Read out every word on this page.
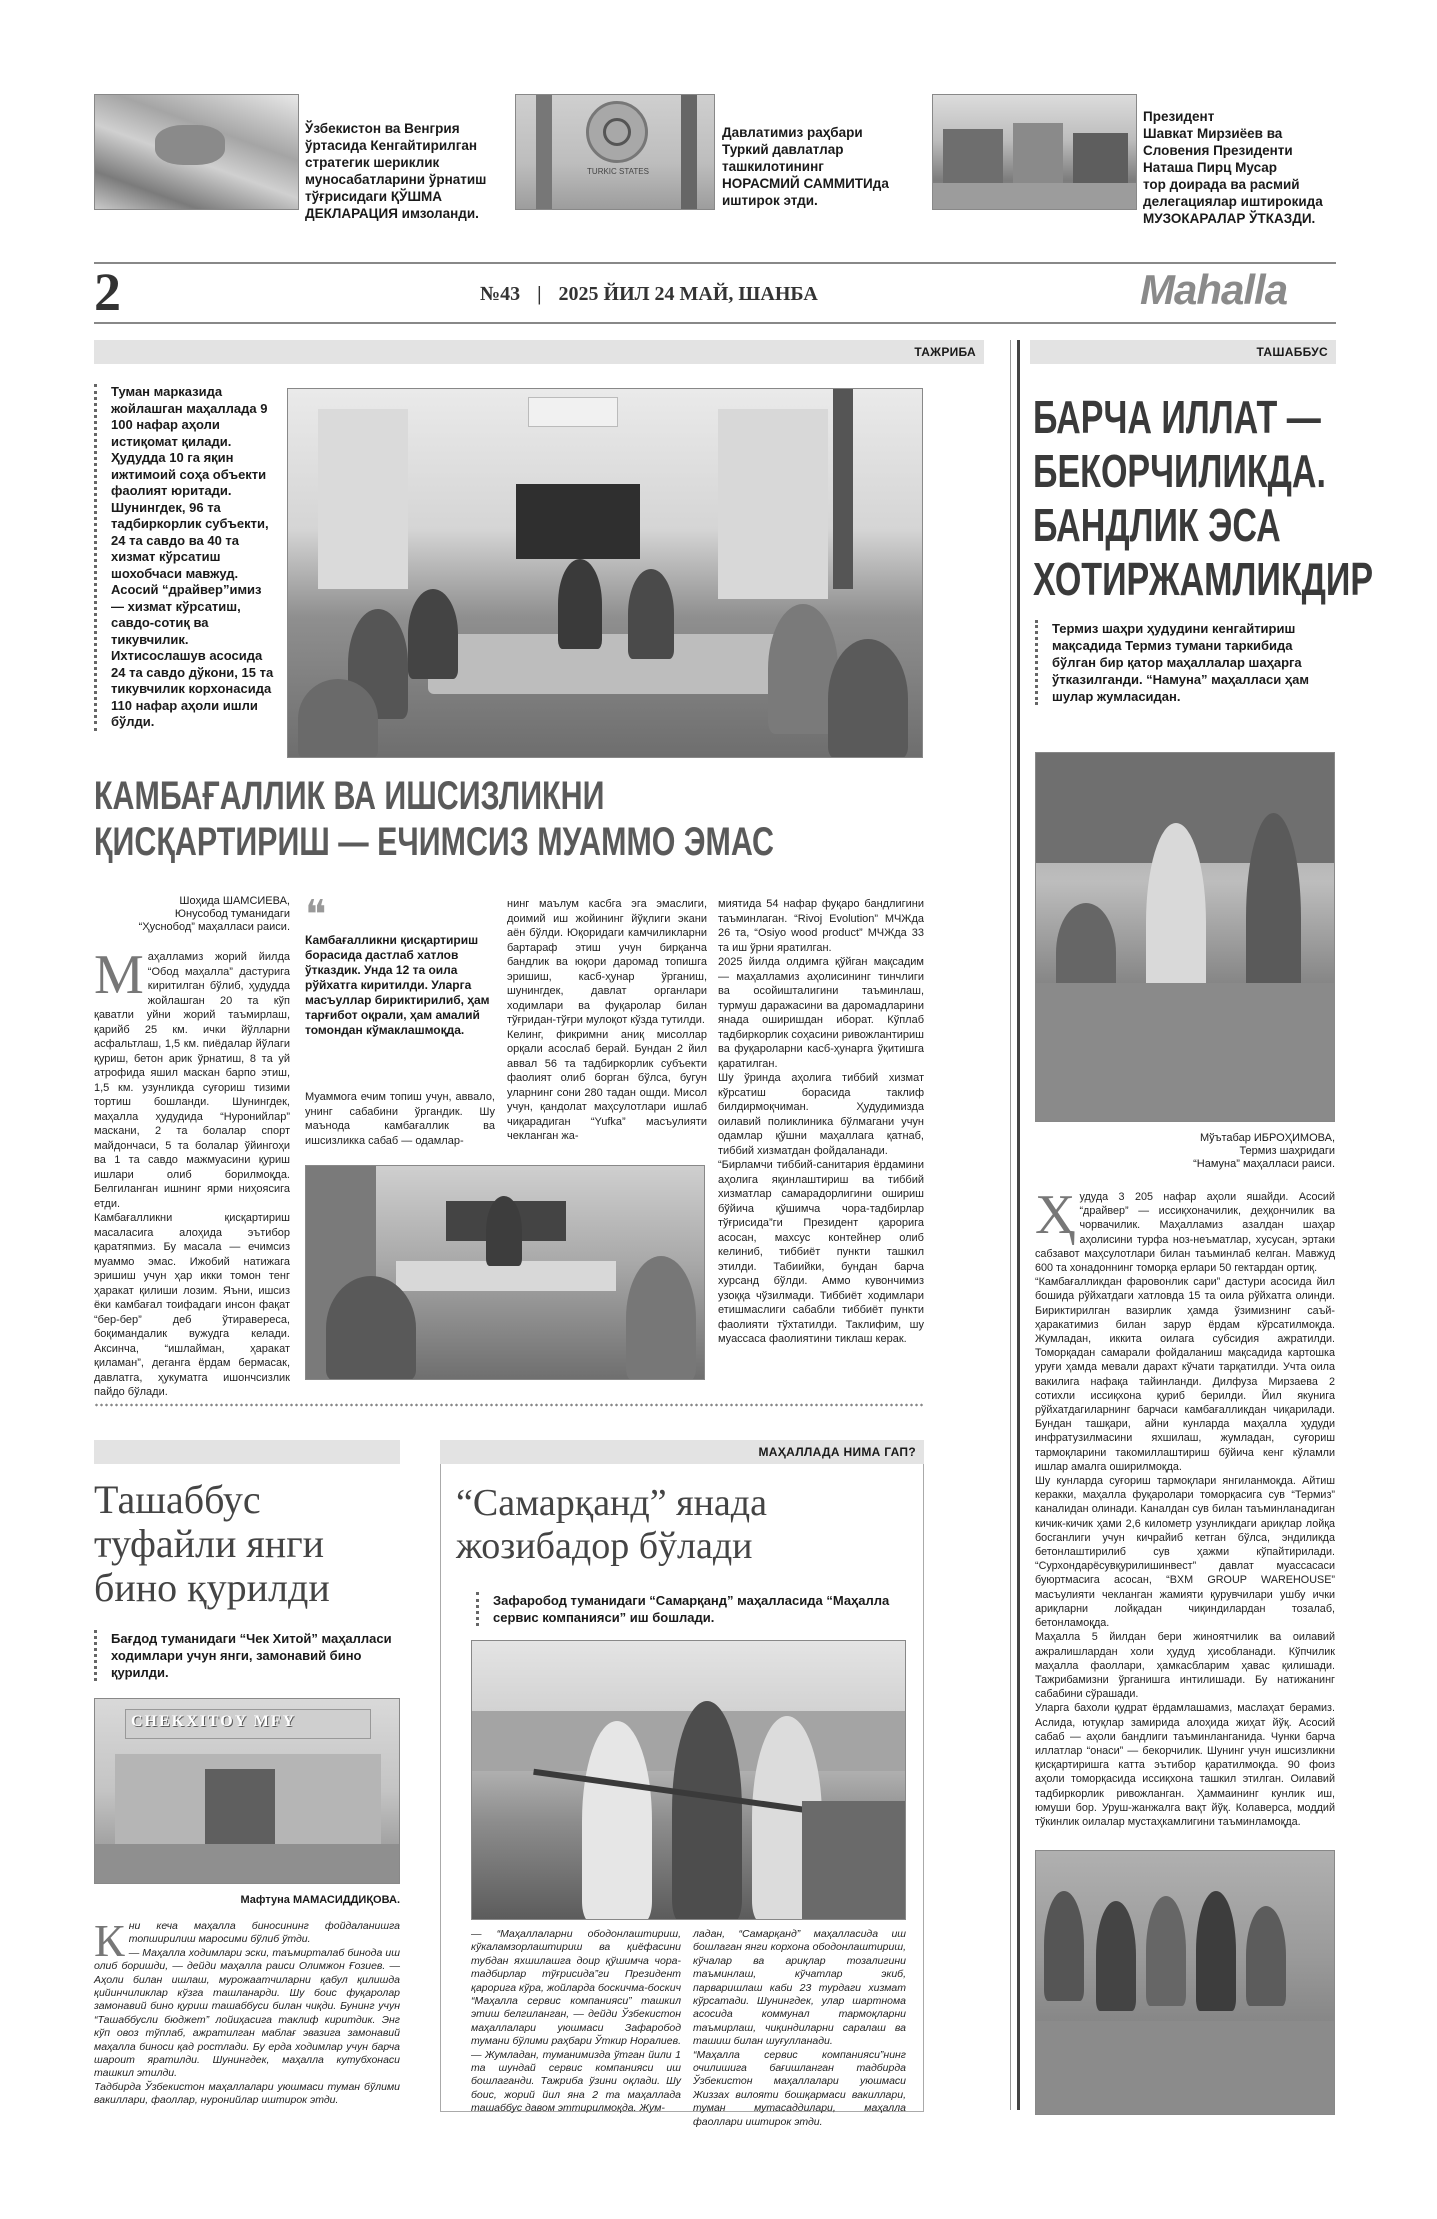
Ўзбекистон ва Венгрия
ўртасида Кенгайтирилган
стратегик шериклик
муносабатларини ўрнатиш
тўғрисидаги ҚЎШМА
ДЕКЛАРАЦИЯ имзоланди.
TURKIC STATES
Давлатимиз раҳбари
Туркий давлатлар
ташкилотининг
НОРАСМИЙ САММИТИда
иштирок этди.
Президент
Шавкат Мирзиёев ва
Словения Президенти
Наташа Пирц Мусар
тор доирада ва расмий
делегациялар иштирокида
МУЗОКАРАЛАР ЎТКАЗДИ.
2	№43 | 2025 ЙИЛ 24 МАЙ, ШАНБА	Mahalla
ТАЖРИБА
Туман марказида жойлашган маҳаллада 9 100 нафар аҳоли истиқомат қилади. Ҳудудда 10 га яқин ижтимоий соҳа объекти фаолият юритади. Шунингдек, 96 та тадбиркорлик субъекти, 24 та савдо ва 40 та хизмат кўрсатиш шохобчаси мавжуд. Асосий “драйвер”имиз — хизмат кўрсатиш, савдо-сотиқ ва тикувчилик. Ихтисослашув асосида 24 та савдо дўкони, 15 та тикувчилик корхонасида 110 нафар аҳоли ишли бўлди.
КАМБАҒАЛЛИК ВА ИШСИЗЛИКНИ
ҚИСҚАРТИРИШ — ЕЧИМСИЗ МУАММО ЭМАС
Шоҳида ШАМСИЕВА,
Юнусобод туманидаги
“Ҳуснобод” маҳалласи раиси.
М аҳалламиз жорий йилда “Обод маҳалла” дастурига киритилган бўлиб, ҳудудда жойлашган 20 та кўп қаватли уйни жорий таъмирлаш, қарийб 25 км. ички йўлларни асфальтлаш, 1,5 км. пиёдалар йўлаги қуриш, бетон арик ўрнатиш, 8 та уй атрофида яшил маскан барпо этиш, 1,5 км. узунликда суғориш тизими тортиш бошланди. Шунингдек, маҳалла ҳудудида “Нуронийлар” маскани, 2 та болалар спорт майдончаси, 5 та болалар ўйингоҳи ва 1 та савдо мажмуасини қуриш ишлари олиб борилмоқда. Белгиланган ишнинг ярми ниҳоясига етди.
Камбағалликни қисқартириш масаласига алоҳида эътибор қаратяпмиз. Бу масала — ечимсиз муаммо эмас. Ижобий натижага эришиш учун ҳар икки томон тенг ҳаракат қилиши лозим. Яъни, ишсиз ёки камбағал тоифадаги инсон фақат “бер-бер” деб ўтиравереса, боқимандалик вужудга келади. Аксинча, “ишлайман, ҳаракат қиламан”, деганга ёрдам бермасак, давлатга, ҳукуматга ишончсизлик пайдо бўлади.
❝
Камбағалликни қисқартириш борасида дастлаб хатлов ўтказдик. Унда 12 та оила рўйхатга киритилди. Уларга масъуллар бириктирилиб, ҳам тарғибот оқрали, ҳам амалий томондан кўмаклашмоқда.
Муаммога ечим топиш учун, аввало, унинг сабабини ўргандик. Шу маънода камбағаллик ва ишсизликка сабаб — одамлар-
нинг маълум касбга эга эмаслиги, доимий иш жойининг йўқлиги экани аён бўлди. Юқоридаги камчиликларни бартараф этиш учун бирқанча бандлик ва юқори даромад топишга эришиш, касб-ҳунар ўрганиш, шунингдек, давлат органлари ходимлари ва фуқаролар билан тўғридан-тўғри мулоқот кўзда тутилди.
Келинг, фикримни аниқ мисоллар орқали асослаб берай. Бундан 2 йил аввал 56 та тадбиркорлик субъекти фаолият олиб борган бўлса, бугун уларнинг сони 280 тадан ошди. Мисол учун, қандолат маҳсулотлари ишлаб чиқарадиган “Yufka” масъулияти чекланган жа-
миятида 54 нафар фуқаро бандлигини таъминлаган. “Rivoj Evolution” МЧЖда 26 та, “Osiyo wood product” МЧЖда 33 та иш ўрни яратилган.
2025 йилда олдимга қўйган мақсадим — маҳалламиз аҳолисининг тинчлиги ва осойишталигини таъминлаш, турмуш даражасини ва даромадларини янада оширишдан иборат. Кўплаб тадбиркорлик соҳасини ривожлантириш ва фуқароларни касб-ҳунарга ўқитишга қаратилган.
Шу ўринда аҳолига тиббий хизмат кўрсатиш борасида таклиф билдирмоқчиман. Ҳудудимизда оилавий поликлиника бўлмагани учун одамлар қўшни маҳаллага қатнаб, тиббий хизматдан фойдаланади.
“Бирламчи тиббий-санитария ёрдамини аҳолига яқинлаштириш ва тиббий хизматлар самарадорлигини ошириш бўйича қўшимча чора-тадбирлар тўғрисида”ги Президент қарорига асосан, махсус контейнер олиб келиниб, тиббиёт пункти ташкил этилди. Табиийки, бундан барча хурсанд бўлди. Аммо кувончимиз узоққа чўзилмади. Тиббиёт ходимлари етишмаслиги сабабли тиббиёт пункти фаолияти тўхтатилди. Таклифим, шу муассаса фаолиятини тиклаш керак.
ТАШАББУС
БАРЧА ИЛЛАТ —
БЕКОРЧИЛИКДА.
БАНДЛИК ЭСА
ХОТИРЖАМЛИКДИР
Термиз шаҳри ҳудудини кенгайтириш мақсадида Термиз тумани таркибида бўлган бир қатор маҳаллалар шаҳарга ўтказилганди. “Намуна” маҳалласи ҳам шулар жумласидан.
Мўътабар ИБРОҲИМОВА,
Термиз шаҳридаги
“Намуна” маҳалласи раиси.
Ҳ удуда 3 205 нафар аҳоли яшайди. Асосий “драйвер” — иссиқхоначилик, деҳқончилик ва чорвачилик. Маҳалламиз азалдан шаҳар аҳолисини турфа ноз-неъматлар, хусусан, эртаки сабзавот маҳсулотлари билан таъминлаб келган. Мавжуд 600 та хонадоннинг томорқа ерлари 50 гектардан ортиқ.
“Камбағалликдан фаровонлик сари” дастури асосида йил бошида рўйхатдаги хатловда 15 та оила рўйхатга олинди. Бириктирилган вазирлик ҳамда ўзимизнинг саъй-ҳаракатимиз билан зарур ёрдам кўрсатилмоқда. Жумладан, иккита оилага субсидия ажратилди. Томорқадан самарали фойдаланиш мақсадида картошка уруғи ҳамда мевали дарахт кўчати тарқатилди. Учта оила вакилига нафақа тайинланди. Дилфуза Мирзаева 2 сотихли иссиқхона қуриб берилди. Йил якунига рўйхатдагиларнинг барчаси камбағалликдан чиқарилади. Бундан ташқари, айни кунларда маҳалла ҳудуди инфратузилмасини яхшилаш, жумладан, суғориш тармоқларини такомиллаштириш бўйича кенг кўламли ишлар амалга оширилмоқда.
Шу кунларда суғориш тармоқлари янгиланмоқда. Айтиш керакки, маҳалла фуқаролари томорқасига сув “Термиз” каналидан олинади. Каналдан сув билан таъминланадиган кичик-кичик ҳами 2,6 километр узунликдаги ариқлар лойқа босганлиги учун кичрайиб кетган бўлса, эндиликда бетонлаштирилиб сув ҳажми кўпайтирилади. “Сурхондарёсувқурилишинвест” давлат муассасаси буюртмасига асосан, “BXM GROUP WAREHOUSE” масъулияти чекланган жамияти қурувчилари ушбу ички ариқларни лойқадан чиқиндилардан тозалаб, бетонламоқда.
Маҳалла 5 йилдан бери жиноятчилик ва оилавий ажралишлардан холи ҳудуд ҳисобланади. Кўпчилик маҳалла фаоллари, ҳамкасбларим ҳавас қилишади. Тажрибамизни ўрганишга интилишади. Бу натижанинг сабабини сўрашади.
Уларга бахоли қудрат ёрдамлашамиз, маслаҳат берамиз. Аслида, ютуқлар замирида алоҳида жиҳат йўқ. Асосий сабаб — аҳоли бандлиги таъминланганида. Чунки барча иллатлар “онаси” — бекорчилик. Шунинг учун ишсизликни қисқартиришга катта эътибор қаратилмоқда. 90 фоиз аҳоли томорқасида иссиқхона ташкил этилган. Оилавий тадбиркорлик ривожланган. Ҳаммаининг кунлик иш, юмуши бор. Уруш-жанжалга вақт йўқ. Колаверса, моддий тўкинлик оилалар мустаҳкамлигини таъминламоқда.
Ташаббус
туфайли янги
бино қурилди
Бағдод туманидаги “Чек Хитой” маҳалласи ходимлари учун янги, замонавий бино қурилди.
CHEKXITOY MFY
Мафтуна МАМАСИДДИҚОВА.
К ни кеча маҳалла биносининг фойдаланишга топширилиш маросими бўлиб ўтди.
— Маҳалла ходимлари эски, таъмирталаб бинода иш олиб боришди, — дейди маҳалла раиси Олимжон Ғозиев. — Аҳоли билан ишлаш, мурожаатчиларни қабул қилишда қийинчиликлар кўзга ташланарди. Шу боис фуқаролар замонавий бино қуриш ташаббуси билан чиқди. Бунинг учун “Ташаббусли бюджет” лойиҳасига таклиф киритдик. Энг кўп овоз тўплаб, ажратилган маблағ эвазига замонавий маҳалла биноси қад ростлади. Бу ерда ходимлар учун барча шароит яратилди. Шунингдек, маҳалла кутубхонаси ташкил этилди.
Тадбирда Ўзбекистон маҳаллалари уюшмаси туман бўлими вакиллари, фаоллар, нуронийлар иштирок этди.
МАҲАЛЛАДА НИМА ГАП?
“Самарқанд” янада
жозибадор бўлади
Зафаробод туманидаги “Самарқанд” маҳалласида “Маҳалла сервис компанияси” иш бошлади.
— “Маҳаллаларни ободонлаштириш, кўкаламзорлаштириш ва қиёфасини тубдан яхшилашга доир қўшимча чора-тадбирлар тўғрисида”ги Президент қарорига кўра, жойларда боскичма-боскич “Маҳалла сервис компанияси” ташкил этиш белгиланган, — дейди Ўзбекистон маҳаллалари уюшмаси Зафаробод тумани бўлими раҳбари Ўткир Норалиев. — Жумладан, туманимизда ўтган йили 1 та шундай сервис компанияси иш бошлаганди. Тажриба ўзини оқлади. Шу боис, жорий йил яна 2 та маҳаллада ташаббус давом эттирилмоқда. Жум-
ладан, “Самарқанд” маҳалласида иш бошлаган янги корхона ободонлаштириш, кўчалар ва ариқлар тозалигини таъминлаш, кўчатлар экиб, парваришлаш каби 23 турдаги хизмат кўрсатади. Шунингдек, улар шартнома асосида коммунал тармоқларни таъмирлаш, чиқиндиларни саралаш ва ташиш билан шуғулланади.
“Маҳалла сервис компанияси”нинг очилишига бағишланган тадбирда Ўзбекистон маҳаллалари уюшмаси Жиззах вилояти бошқармаси вакиллари, туман мутасаддилари, маҳалла фаоллари иштирок этди.
